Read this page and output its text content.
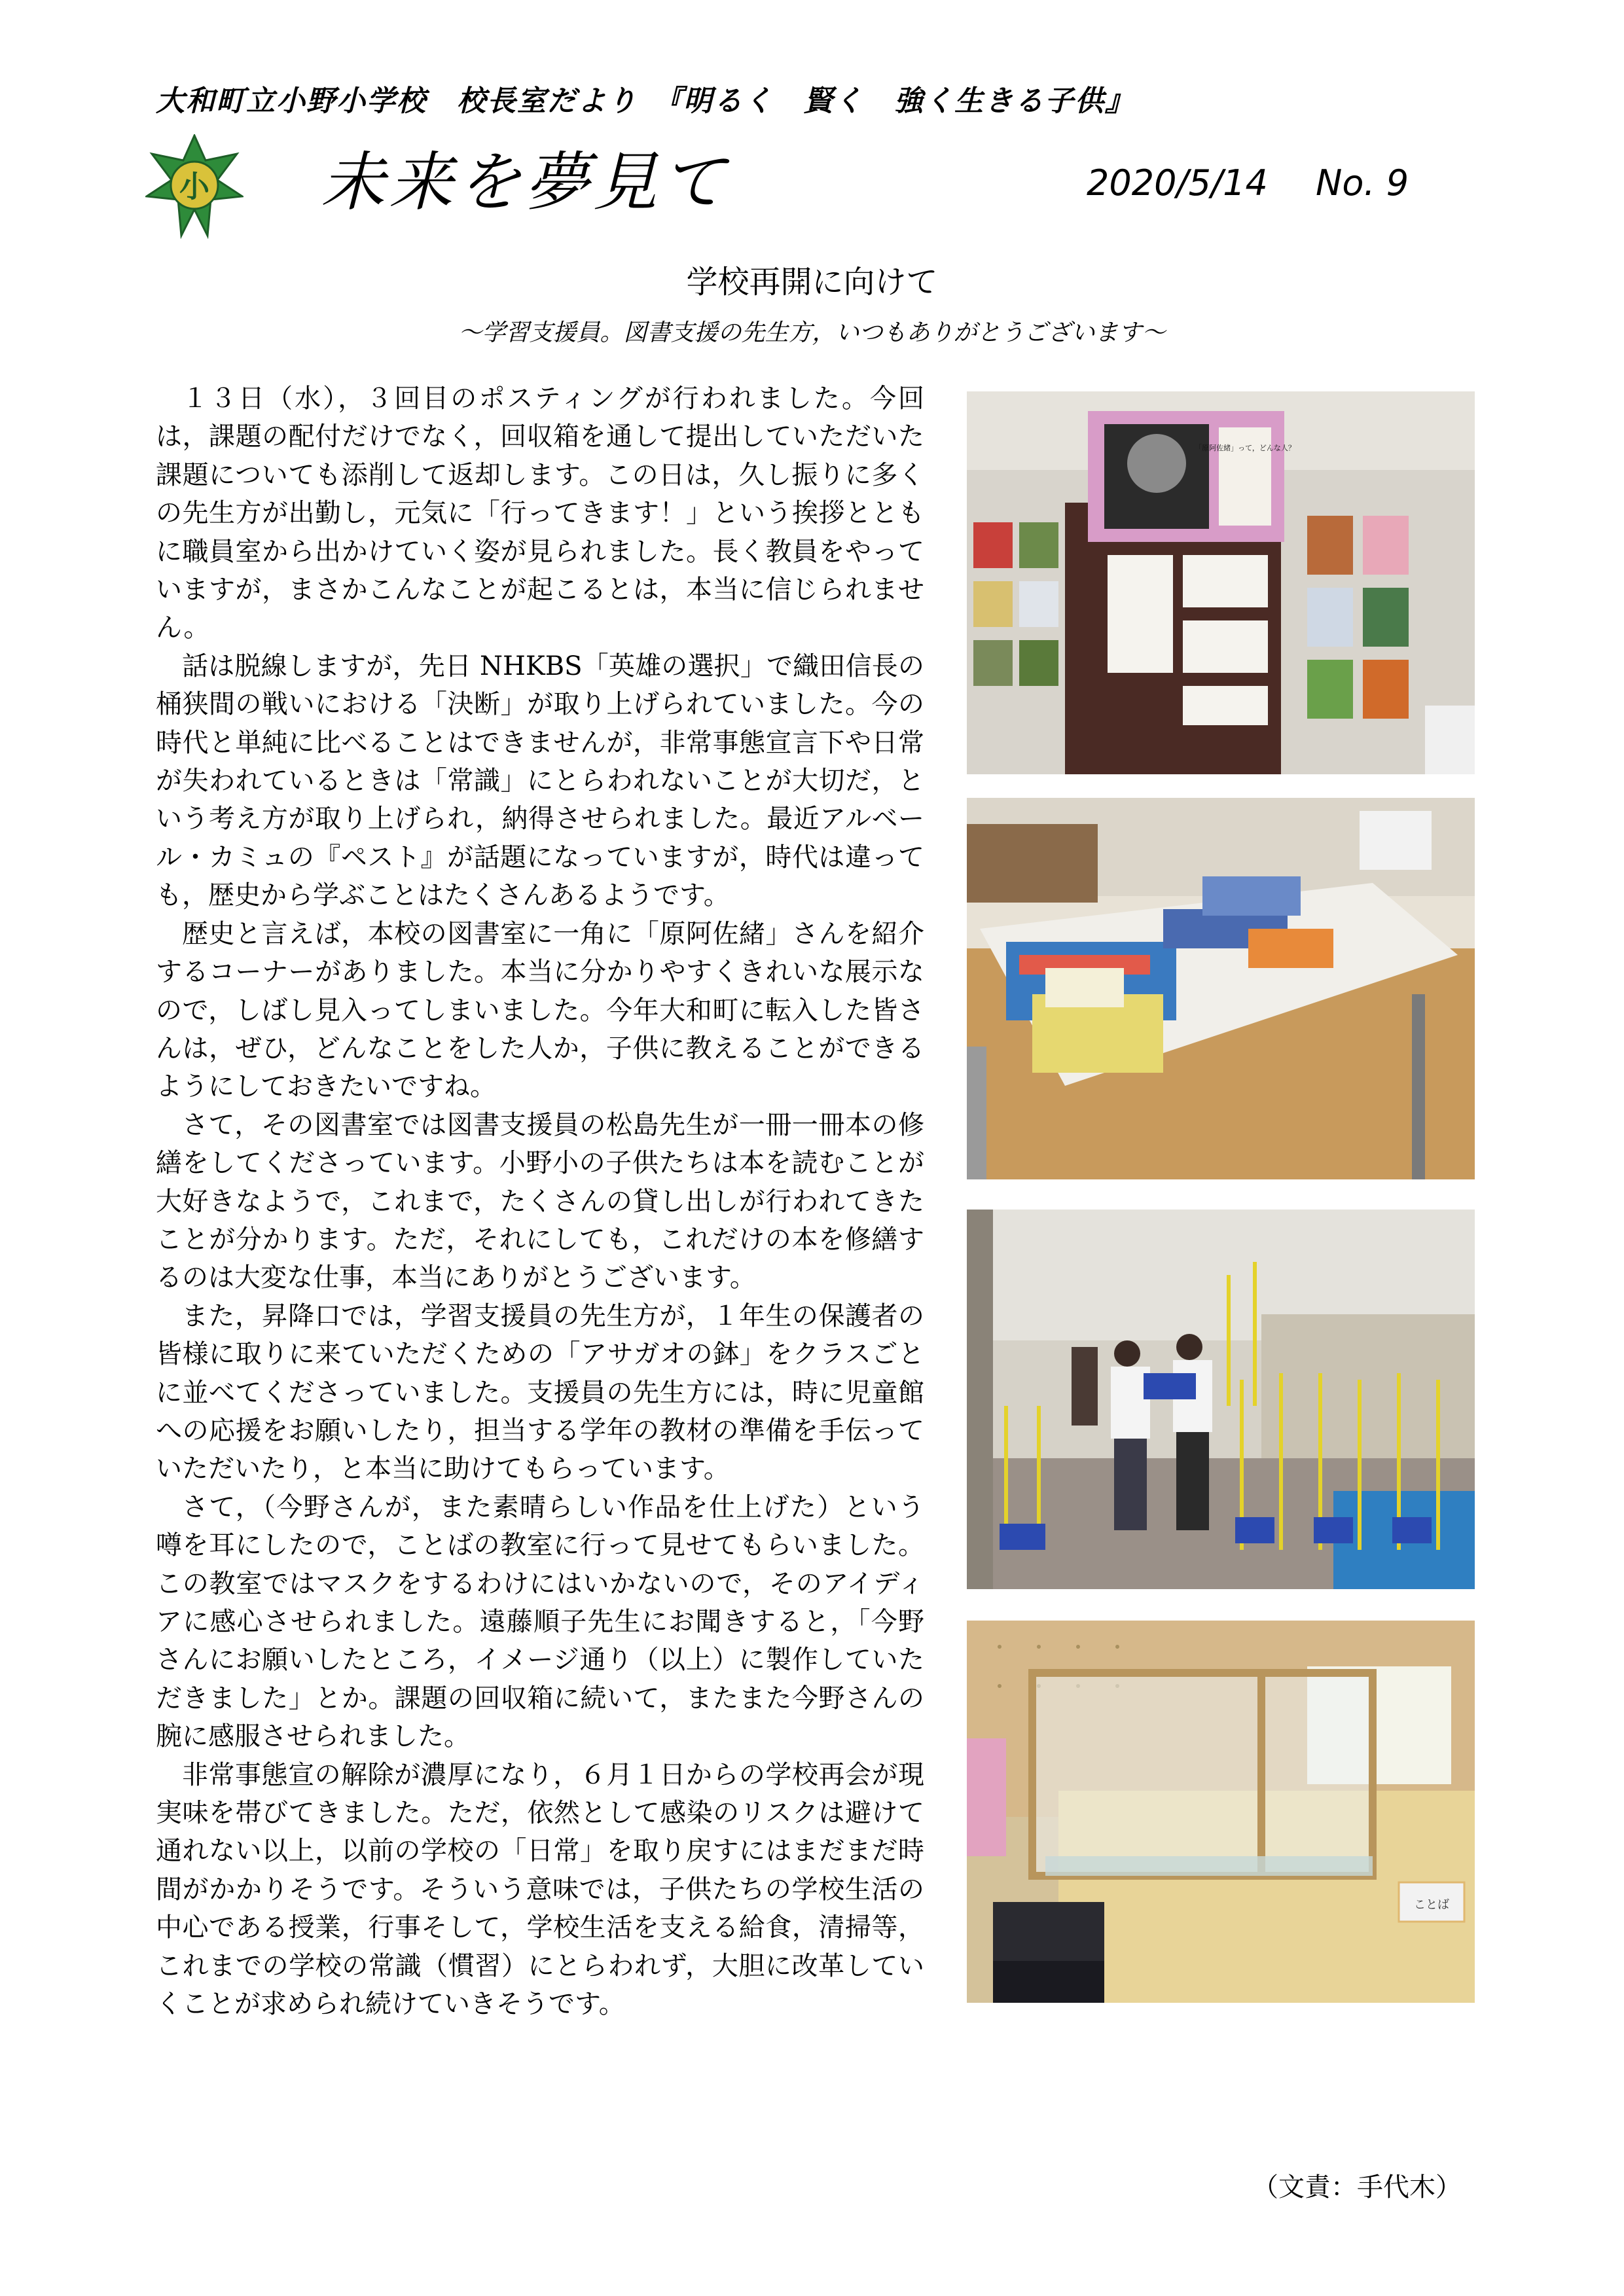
大和町立小野小学校　校長室だより　『明るく　賢く　強く生きる子供』
小 未来を夢見て	2020/5/14 No. 9
学校再開に向けて
～学習支援員。図書支援の先生方，いつもありがとうございます～

１３日（水），３回目のポスティングが行われました。今回は，課題の配付だけでなく，回収箱を通して提出していただいた課題についても添削して返却します。この日は，久し振りに多くの先生方が出勤し，元気に「行ってきます！」という挨拶とともに職員室から出かけていく姿が見られました。長く教員をやっていますが，まさかこんなことが起こるとは，本当に信じられません。

話は脱線しますが，先日 NHKBS「英雄の選択」で織田信長の桶狭間の戦いにおける「決断」が取り上げられていました。今の時代と単純に比べることはできませんが，非常事態宣言下や日常が失われているときは「常識」にとらわれないことが大切だ，という考え方が取り上げられ，納得させられました。最近アルベール・カミュの『ペスト』が話題になっていますが，時代は違っても，歴史から学ぶことはたくさんあるようです。

歴史と言えば，本校の図書室に一角に「原阿佐緒」さんを紹介するコーナーがありました。本当に分かりやすくきれいな展示なので，しばし見入ってしまいました。今年大和町に転入した皆さんは，ぜひ，どんなことをした人か，子供に教えることができるようにしておきたいですね。

さて，その図書室では図書支援員の松島先生が一冊一冊本の修繕をしてくださっています。小野小の子供たちは本を読むことが大好きなようで，これまで，たくさんの貸し出しが行われてきたことが分かります。ただ，それにしても，これだけの本を修繕するのは大変な仕事，本当にありがとうございます。

また，昇降口では，学習支援員の先生方が，１年生の保護者の皆様に取りに来ていただくための「アサガオの鉢」をクラスごとに並べてくださっていました。支援員の先生方には，時に児童館への応援をお願いしたり，担当する学年の教材の準備を手伝っていただいたり，と本当に助けてもらっています。

さて，（今野さんが，また素晴らしい作品を仕上げた）という噂を耳にしたので，ことばの教室に行って見せてもらいました。この教室ではマスクをするわけにはいかないので，そのアイディアに感心させられました。遠藤順子先生にお聞きすると，「今野さんにお願いしたところ，イメージ通り（以上）に製作していただきました」とか。課題の回収箱に続いて，またまた今野さんの腕に感服させられました。

非常事態宣の解除が濃厚になり，６月１日からの学校再会が現実味を帯びてきました。ただ，依然として感染のリスクは避けて通れない以上，以前の学校の「日常」を取り戻すにはまだまだ時間がかかりそうです。そういう意味では，子供たちの学校生活の中心である授業，行事そして，学校生活を支える給食，清掃等，これまでの学校の常識（慣習）にとらわれず，大胆に改革していくことが求められ続けていきそうです。

（文責：手代木）
「原阿佐緒」って，どんな人？
ことば
